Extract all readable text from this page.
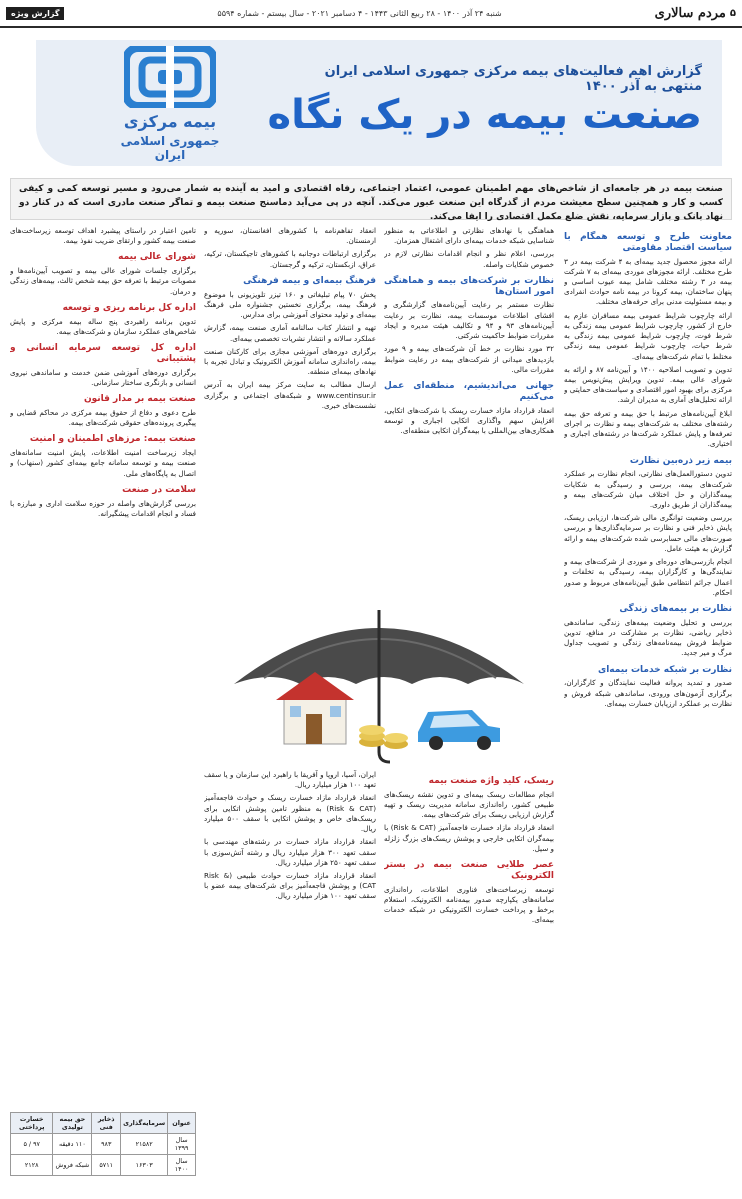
۵
مردم سالاری
شنبه ۲۴ آذر ۱۴۰۰ - ۲۸ ربیع الثانی ۱۴۴۳ - ۴ دسامبر ۲۰۲۱ - سال بیستم - شماره ۵۵۹۴
گزارش ویژه
بیمه مرکزی
جمهوری اسلامی ایران
گزارش اهم فعالیت‌های بیمه مرکزی جمهوری اسلامی ایران منتهی به آذر ۱۴۰۰
صنعت بیمه در یک نگاه
صنعت بیمه در هر جامعه‌ای از شاخص‌های مهم اطمینان عمومی، اعتماد اجتماعی، رفاه اقتصادی و امید به آینده به شمار می‌رود و مسیر توسعه کمی و کیفی کسب و کار و همچنین سطح معیشت مردم از گذرگاه این صنعت عبور می‌کند. آنچه در پی می‌آید دماسنج صنعت بیمه و تماگر صنعت مادری است که در کنار دو نهاد بانک و بازار سرمایه، نقش ضلع مکمل اقتصادی را ایفا می‌کند.
معاونت طرح و توسعه همگام با سیاست اقتصاد مقاومتی

ارائه مجوز محصول جدید بیمه‌ای به ۴ شرکت بیمه در ۳ طرح مختلف. ارائه مجوزهای موردی بیمه‌ای به ۷ شرکت بیمه در ۳ رشته مختلف شامل بیمه عیوب اساسی و پنهان ساختمان، بیمه کرونا در بیمه نامه حوادث انفرادی و بیمه مسئولیت مدنی برای حرفه‌های مختلف.

ارائه چارچوب شرایط عمومی بیمه مسافران عازم به خارج از کشور، چارچوب شرایط عمومی بیمه زندگی به شرط فوت، چارچوب شرایط عمومی بیمه زندگی به شرط حیات، چارچوب شرایط عمومی بیمه زندگی مختلط با تمام شرکت‌های بیمه‌ای.

تدوین و تصویب اصلاحیه ۱۴۰۰ و آیین‌نامه ۸۷ و ارائه به شورای عالی بیمه. تدوین ویرایش پیش‌نویس بیمه مرکزی برای بهبود امور اقتصادی و سیاست‌های حمایتی و ارائه تحلیل‌های آماری به مدیران ارشد.

ابلاغ آیین‌نامه‌های مرتبط با حق بیمه و تعرفه حق بیمه رشته‌های مختلف به شرکت‌های بیمه و نظارت بر اجرای تعرفه‌ها و پایش عملکرد شرکت‌ها در رشته‌های اجباری و اختیاری.

بیمه زیر ذره‌بین نظارت

تدوین دستورالعمل‌های نظارتی، انجام نظارت بر عملکرد شرکت‌های بیمه، بررسی و رسیدگی به شکایات بیمه‌گذاران و حل اختلاف میان شرکت‌های بیمه و بیمه‌گذاران از طریق داوری.

بررسی وضعیت توانگری مالی شرکت‌ها، ارزیابی ریسک، پایش ذخایر فنی و نظارت بر سرمایه‌گذاری‌ها و بررسی صورت‌های مالی حسابرسی شده شرکت‌های بیمه و ارائه گزارش به هیئت عامل.

انجام بازرسی‌های دوره‌ای و موردی از شرکت‌های بیمه و نمایندگی‌ها و کارگزاران بیمه، رسیدگی به تخلفات و اعمال جرائم انتظامی طبق آیین‌نامه‌های مربوط و صدور احکام.

نظارت بر بیمه‌های زندگی

بررسی و تحلیل وضعیت بیمه‌های زندگی، ساماندهی ذخایر ریاضی، نظارت بر مشارکت در منافع، تدوین ضوابط فروش بیمه‌نامه‌های زندگی و تصویب جداول مرگ و میر جدید.

نظارت بر شبکه خدمات بیمه‌ای

صدور و تمدید پروانه فعالیت نمایندگان و کارگزاران، برگزاری آزمون‌های ورودی، ساماندهی شبکه فروش و نظارت بر عملکرد ارزیابان خسارت بیمه‌ای.

هماهنگی با نهادهای نظارتی و اطلاعاتی به منظور شناسایی شبکه خدمات بیمه‌ای دارای اشتغال همزمان.

بررسی، اعلام نظر و انجام اقدامات نظارتی لازم در خصوص شکایات واصله.

نظارت بر شرکت‌های بیمه و هماهنگی امور استان‌ها

نظارت مستمر بر رعایت آیین‌نامه‌های گزارشگری و افشای اطلاعات موسسات بیمه، نظارت بر رعایت آیین‌نامه‌های ۹۳ و ۹۴ و تکالیف هیئت مدیره و ایجاد مقررات ضوابط حاکمیت شرکتی.

۳۲ مورد نظارت بر خط آن شرکت‌های بیمه و ۹ مورد بازدیدهای میدانی از شرکت‌های بیمه در رعایت ضوابط مقررات مالی.

جهانی می‌اندیشیم، منطقه‌ای عمل می‌کنیم

انعقاد قرارداد مازاد خسارت ریسک با شرکت‌های اتکایی، افزایش سهم واگذاری اتکایی اجباری و توسعه همکاری‌های بین‌المللی با بیمه‌گران اتکایی منطقه‌ای.

انعقاد تفاهم‌نامه با کشورهای افغانستان، سوریه و ارمنستان.

برگزاری ارتباطات دوجانبه با کشورهای تاجیکستان، ترکیه، عراق، ازبکستان، ترکیه و گرجستان.

فرهنگ بیمه‌ای و بیمه فرهنگی

پخش ۷۰ پیام تبلیغاتی و ۱۶۰ تیزر تلویزیونی با موضوع فرهنگ بیمه، برگزاری نخستین جشنواره ملی فرهنگ بیمه‌ای و تولید محتوای آموزشی برای مدارس.

تهیه و انتشار کتاب سالنامه آماری صنعت بیمه، گزارش عملکرد سالانه و انتشار نشریات تخصصی بیمه‌ای.

برگزاری دوره‌های آموزشی مجازی برای کارکنان صنعت بیمه، راه‌اندازی سامانه آموزش الکترونیک و تبادل تجربه با نهادهای بیمه‌ای منطقه.

ارسال مطالب به سایت مرکز بیمه ایران به آدرس www.centinsur.ir و شبکه‌های اجتماعی و برگزاری نشست‌های خبری.

تامین اعتبار در راستای پیشبرد اهداف توسعه زیرساخت‌های صنعت بیمه کشور و ارتقای ضریب نفوذ بیمه.

شورای عالی بیمه

برگزاری جلسات شورای عالی بیمه و تصویب آیین‌نامه‌ها و مصوبات مرتبط با تعرفه حق بیمه شخص ثالث، بیمه‌های زندگی و درمان.

اداره کل برنامه ریزی و توسعه

تدوین برنامه راهبردی پنج ساله بیمه مرکزی و پایش شاخص‌های عملکرد سازمان و شرکت‌های بیمه.

اداره کل توسعه سرمایه انسانی و پشتیبانی

برگزاری دوره‌های آموزشی ضمن خدمت و ساماندهی نیروی انسانی و بازنگری ساختار سازمانی.

صنعت بیمه بر مدار قانون

طرح دعوی و دفاع از حقوق بیمه مرکزی در محاکم قضایی و پیگیری پرونده‌های حقوقی شرکت‌های بیمه.

صنعت بیمه: مرزهای اطمینان و امنیت

ایجاد زیرساخت امنیت اطلاعات، پایش امنیت سامانه‌های صنعت بیمه و توسعه سامانه جامع بیمه‌ای کشور (سنهاب) و اتصال به پایگاه‌های ملی.

سلامت در صنعت

بررسی گزارش‌های واصله در حوزه سلامت اداری و مبارزه با فساد و انجام اقدامات پیشگیرانه.

ریسک، کلید واژه صنعت بیمه

انجام مطالعات ریسک بیمه‌ای و تدوین نقشه ریسک‌های طبیعی کشور، راه‌اندازی سامانه مدیریت ریسک و تهیه گزارش ارزیابی ریسک برای شرکت‌های بیمه.

انعقاد قرارداد مازاد خسارت فاجعه‌آمیز (Risk & CAT) با بیمه‌گران اتکایی خارجی و پوشش ریسک‌های بزرگ زلزله و سیل.

عصر طلایی صنعت بیمه در بستر الکترونیک

توسعه زیرساخت‌های فناوری اطلاعات، راه‌اندازی سامانه‌های یکپارچه صدور بیمه‌نامه الکترونیک، استعلام برخط و پرداخت خسارت الکترونیکی در شبکه خدمات بیمه‌ای.

ایران، آسیا، اروپا و آفریقا با راهبرد این سازمان و یا سقف تعهد ۱۰۰ هزار میلیارد ریال.

انعقاد قرارداد مازاد خسارت ریسک و حوادث فاجعه‌آمیز (Risk & CAT) به منظور تامین پوشش اتکایی برای ریسک‌های خاص و پوشش اتکایی با سقف ۵۰۰ میلیارد ریال.

انعقاد قرارداد مازاد خسارت در رشته‌های مهندسی با سقف تعهد ۳۰۰ هزار میلیارد ریال و رشته آتش‌سوزی با سقف تعهد ۲۵۰ هزار میلیارد ریال.

انعقاد قرارداد مازاد خسارت حوادث طبیعی (Risk & CAT) و پوشش فاجعه‌آمیز برای شرکت‌های بیمه عضو با سقف تعهد ۱۰۰ هزار میلیارد ریال.

عنوان	سرمایه‌گذاری	ذخایر فنی	حق بیمه تولیدی	خسارت پرداختی
سال ۱۳۹۹	۲۱۵۸۲	۹۸۳	۱۱۰ دقیقه	۹۷ / ۵
سال ۱۴۰۰	۱۶۳۰۳	۵۷۱۱	شبکه فروش	۲۱۲۸
